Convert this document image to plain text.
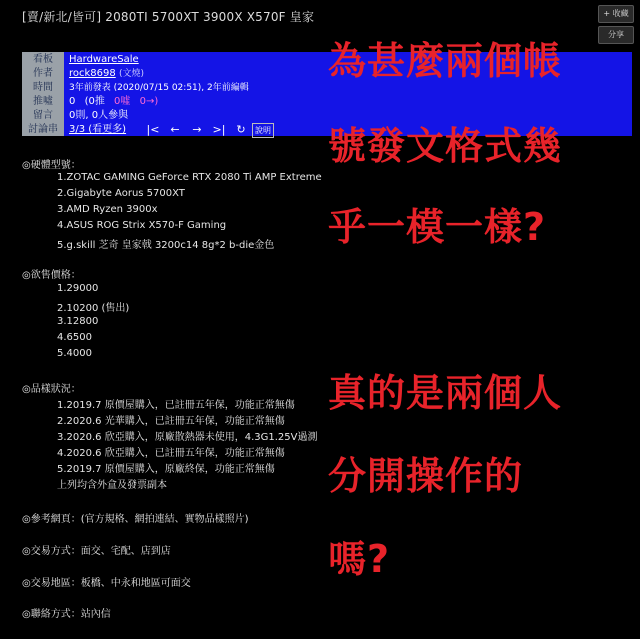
[賣/新北/皆可] 2080TI 5700XT 3900X X570F 皇家	+ 收藏
分享
看板	HardwareSale
作者	rock8698 (文燒)
時間	3年前發表 (2020/07/15 02:51), 2年前編輯
推噓	0 (0推 0噓 0→)
留言	0則, 0人參與
討論串	3/3 (看更多) |< ← → >| ↻	說明
◎硬體型號：
1.ZOTAC GAMING GeForce RTX 2080 Ti AMP Extreme
2.Gigabyte Aorus 5700XT
3.AMD Ryzen 3900x
4.ASUS ROG Strix X570-F Gaming
5.g.skill 芝奇 皇家戟 3200c14 8g*2 b-die金色
◎欲售價格：
1.29000
2.10200 (售出)
3.12800
4.6500
5.4000
◎品樣狀況：
1.2019.7 原價屋購入，已註冊五年保，功能正常無傷
2.2020.6 光華購入，已註冊五年保，功能正常無傷
3.2020.6 欣亞購入，原廠散熱器未使用，4.3G1.25V過測
4.2020.6 欣亞購入，已註冊五年保，功能正常無傷
5.2019.7 原價屋購入，原廠終保，功能正常無傷
上列均含外盒及發票副本
◎參考網頁：(官方規格、網拍連結、實物品樣照片)
◎交易方式：面交、宅配、店到店
◎交易地區：板橋、中永和地區可面交
◎聯絡方式：站內信
為甚麼兩個帳
號發文格式幾
乎一模一樣?
真的是兩個人
分開操作的
嗎?
